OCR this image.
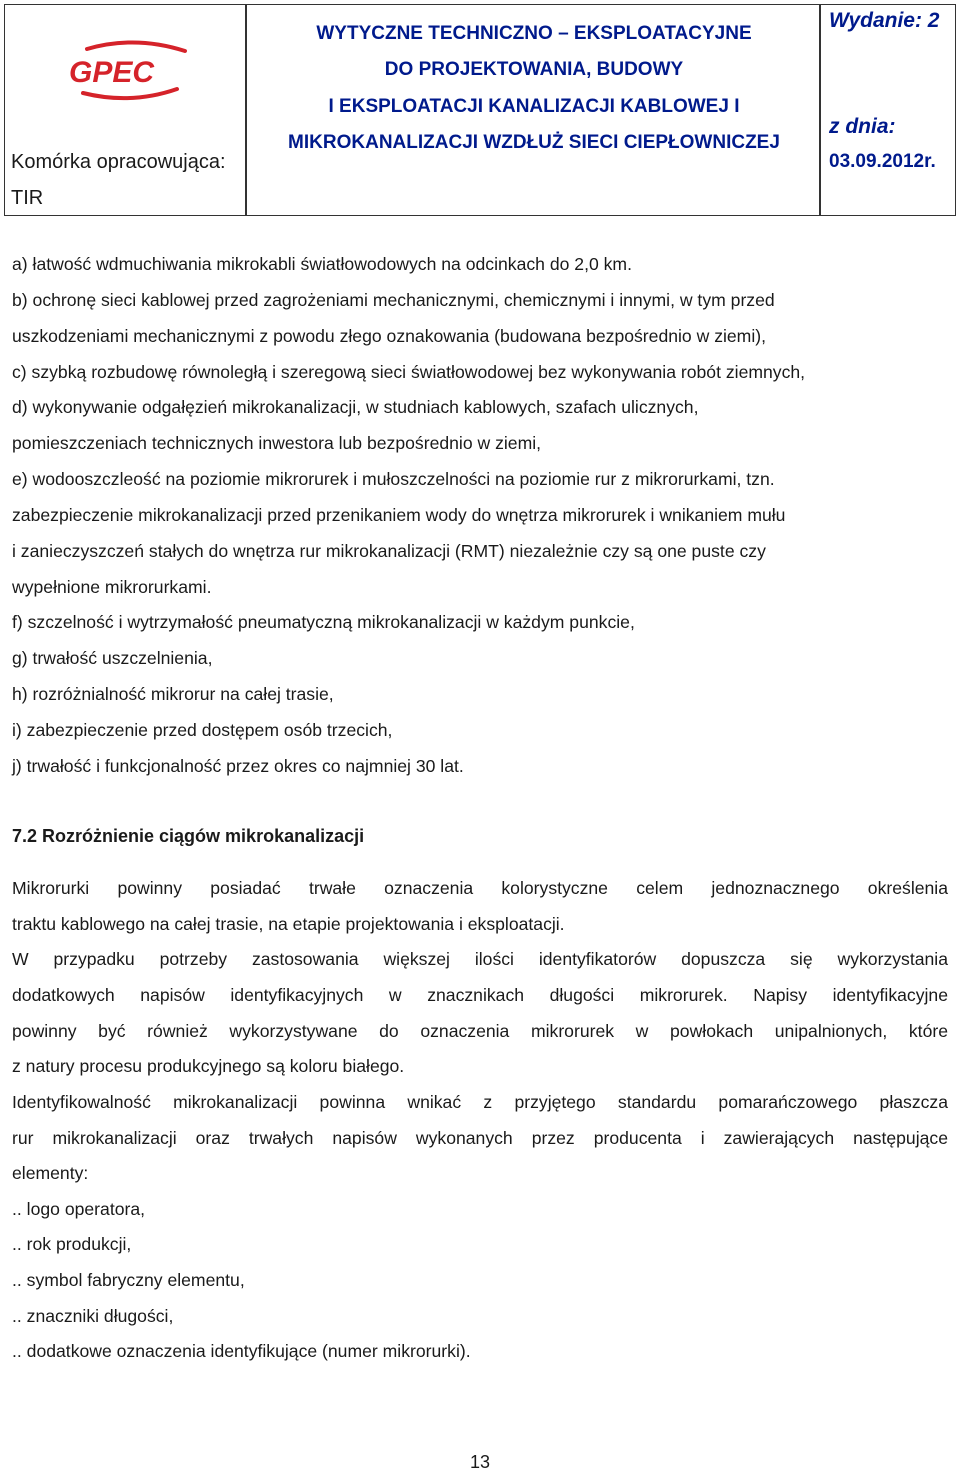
GPEC
Komórka opracowująca:
TIR
WYTYCZNE TECHNICZNO – EKSPLOATACYJNE
DO PROJEKTOWANIA, BUDOWY
I EKSPLOATACJI KANALIZACJI KABLOWEJ I
MIKROKANALIZACJI WZDŁUŻ SIECI CIEPŁOWNICZEJ
Wydanie: 2
z dnia:
03.09.2012r.
a) łatwość wdmuchiwania mikrokabli światłowodowych na odcinkach do 2,0 km.
b) ochronę sieci kablowej przed zagrożeniami mechanicznymi, chemicznymi i innymi, w tym przed
uszkodzeniami mechanicznymi z powodu złego oznakowania (budowana bezpośrednio w ziemi),
c) szybką rozbudowę równoległą i szeregową sieci światłowodowej bez wykonywania robót ziemnych,
d) wykonywanie odgałęzień mikrokanalizacji, w studniach kablowych, szafach ulicznych,
pomieszczeniach technicznych inwestora lub bezpośrednio w ziemi,
e) wodooszczleość na poziomie mikrorurek i mułoszczelności na poziomie rur z mikrorurkami, tzn.
zabezpieczenie mikrokanalizacji przed przenikaniem wody do wnętrza mikrorurek i wnikaniem mułu
i zanieczyszczeń stałych do wnętrza rur mikrokanalizacji (RMT) niezależnie czy są one puste czy
wypełnione mikrorurkami.
f) szczelność i wytrzymałość pneumatyczną mikrokanalizacji w każdym punkcie,
g) trwałość uszczelnienia,
h) rozróżnialność mikrorur na całej trasie,
i) zabezpieczenie przed dostępem osób trzecich,
j) trwałość i funkcjonalność przez okres co najmniej 30 lat.
7.2 Rozróżnienie ciągów mikrokanalizacji
Mikrorurki powinny posiadać trwałe oznaczenia kolorystyczne celem jednoznacznego określenia
traktu kablowego na całej trasie, na etapie projektowania i eksploatacji.
W przypadku potrzeby zastosowania większej ilości identyfikatorów dopuszcza się wykorzystania
dodatkowych napisów identyfikacyjnych w znacznikach długości mikrorurek. Napisy identyfikacyjne
powinny być również wykorzystywane do oznaczenia mikrorurek w powłokach unipalnionych, które
z natury procesu produkcyjnego są koloru białego.
Identyfikowalność mikrokanalizacji powinna wnikać z przyjętego standardu pomarańczowego płaszcza
rur mikrokanalizacji oraz trwałych napisów wykonanych przez producenta i zawierających następujące
elementy:
.. logo operatora,
.. rok produkcji,
.. symbol fabryczny elementu,
.. znaczniki długości,
.. dodatkowe oznaczenia identyfikujące (numer mikrorurki).
13
